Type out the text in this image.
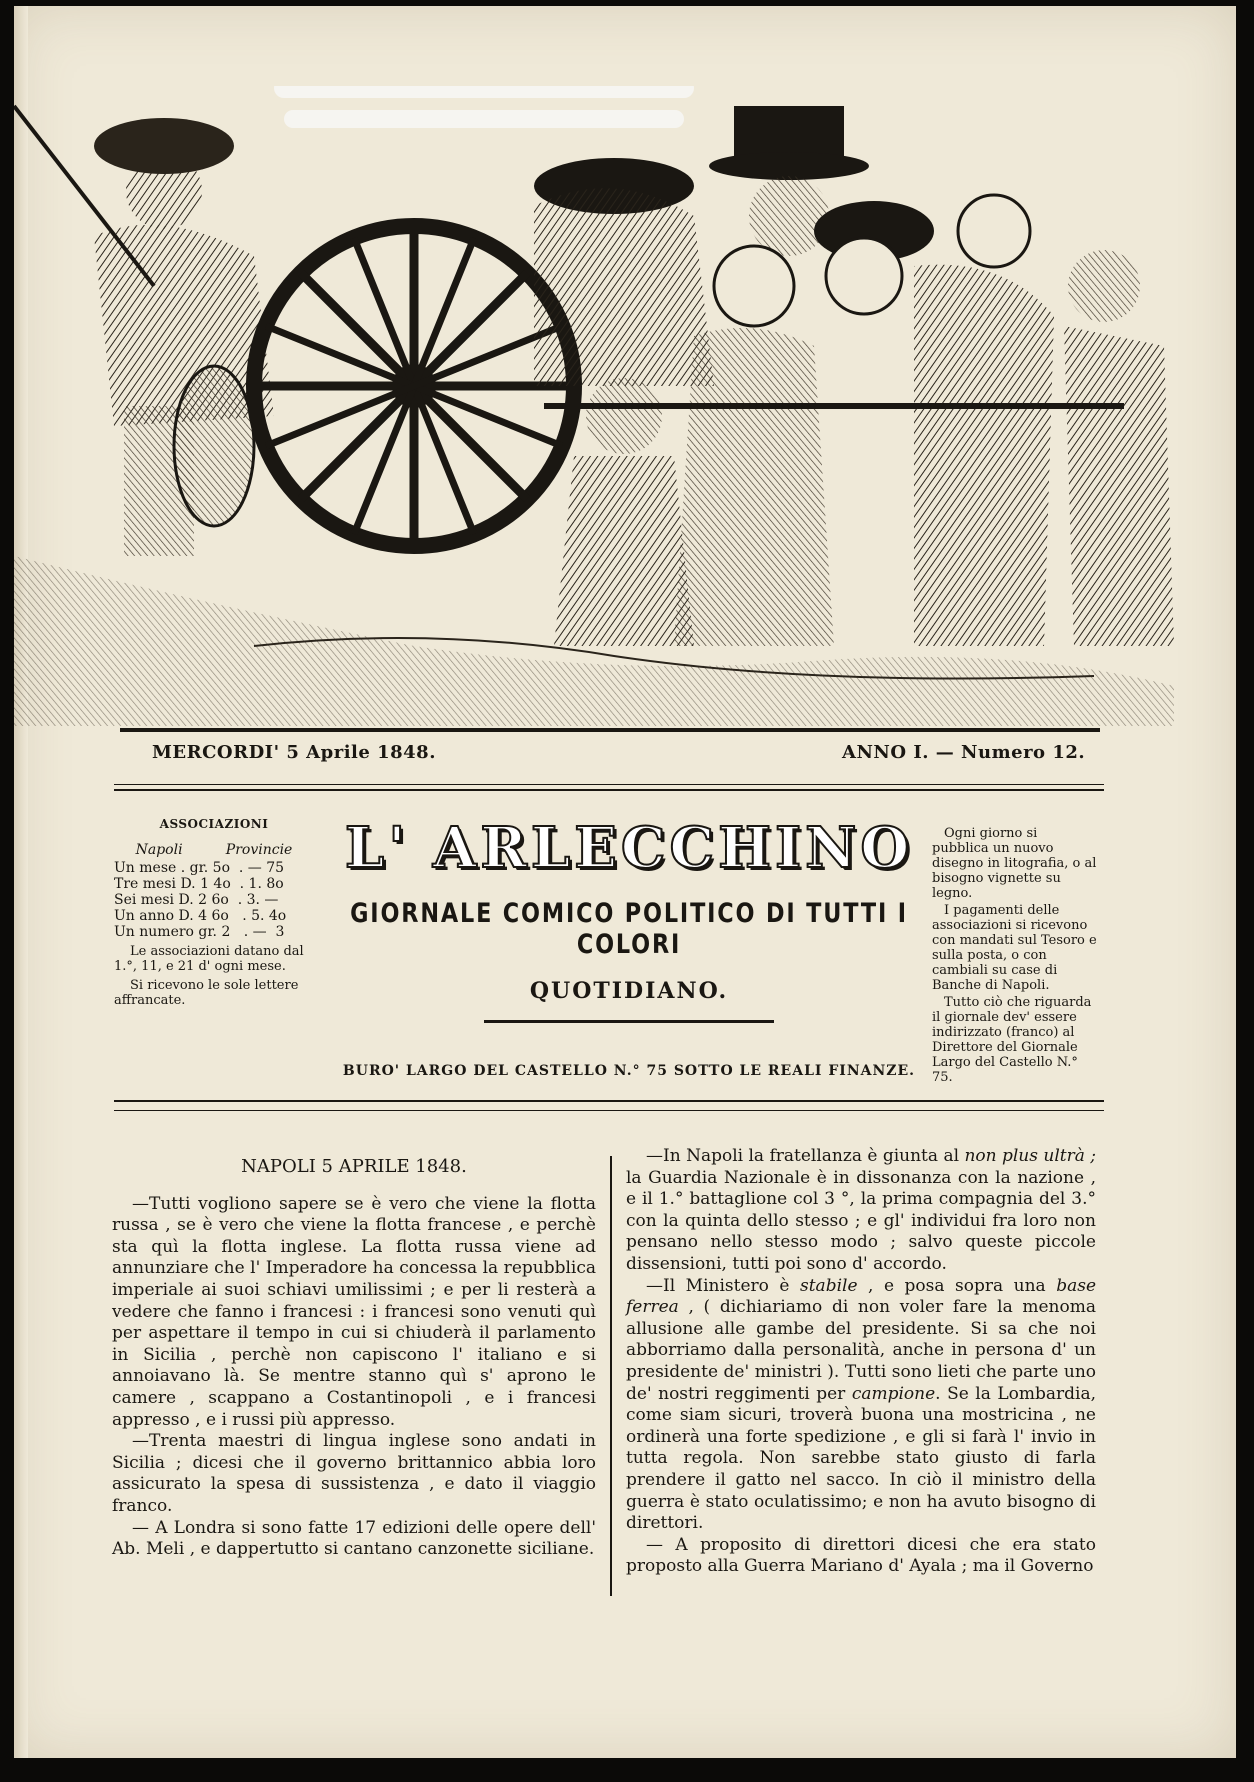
MERCORDI' 5 Aprile 1848.	ANNO I. — Numero 12.
ASSOCIAZIONI
Napoli	Provincie
Un mese . gr. 5o  . — 75
Tre mesi D. 1 4o  . 1. 8o
Sei mesi D. 2 6o  . 3. —
Un anno D. 4 6o   . 5. 4o
Un numero gr. 2   . —  3
Le associazioni datano dal 1.°, 11, e 21 d' ogni mese.
Si ricevono le sole lettere affrancate.
L' ARLECCHINO
GIORNALE COMICO POLITICO DI TUTTI I COLORI
QUOTIDIANO.
BURO' LARGO DEL CASTELLO N.° 75 SOTTO LE REALI FINANZE.

Ogni giorno si pubblica un nuovo disegno in litografia, o al bisogno vignette su legno.

I pagamenti delle associazioni si ricevono con mandati sul Tesoro e sulla posta, o con cambiali su case di Banche di Napoli.

Tutto ciò che riguarda il giornale dev' essere indirizzato (franco) al Direttore del Giornale Largo del Castello N.° 75.

NAPOLI 5 APRILE 1848.

—Tutti vogliono sapere se è vero che viene la flotta russa , se è vero che viene la flotta francese , e perchè sta quì la flotta inglese. La flotta russa viene ad annunziare che l' Imperadore ha concessa la repubblica imperiale ai suoi schiavi umilissimi ; e per li resterà a vedere che fanno i francesi : i francesi sono venuti quì per aspettare il tempo in cui si chiuderà il parlamento in Sicilia , perchè non capiscono l' italiano e si annoiavano là. Se mentre stanno quì s' aprono le camere , scappano a Costantinopoli , e i francesi appresso , e i russi più appresso.

—Trenta maestri di lingua inglese sono andati in Sicilia ; dicesi che il governo brittannico abbia loro assicurato la spesa di sussistenza , e dato il viaggio franco.

— A Londra si sono fatte 17 edizioni delle opere dell' Ab. Meli , e dappertutto si cantano canzonette siciliane.

—In Napoli la fratellanza è giunta al non plus ultrà ; la Guardia Nazionale è in dissonanza con la nazione , e il 1.° battaglione col 3 °, la prima compagnia del 3.° con la quinta dello stesso ; e gl' individui fra loro non pensano nello stesso modo ; salvo queste piccole dissensioni, tutti poi sono d' accordo.

—Il Ministero è stabile , e posa sopra una base ferrea , ( dichiariamo di non voler fare la menoma allusione alle gambe del presidente. Si sa che noi abborriamo dalla personalità, anche in persona d' un presidente de' ministri ). Tutti sono lieti che parte uno de' nostri reggimenti per campione. Se la Lombardia, come siam sicuri, troverà buona una mostricina , ne ordinerà una forte spedizione , e gli si farà l' invio in tutta regola. Non sarebbe stato giusto di farla prendere il gatto nel sacco. In ciò il ministro della guerra è stato oculatissimo; e non ha avuto bisogno di direttori.

— A proposito di direttori dicesi che era stato proposto alla Guerra Mariano d' Ayala ; ma il Governo
